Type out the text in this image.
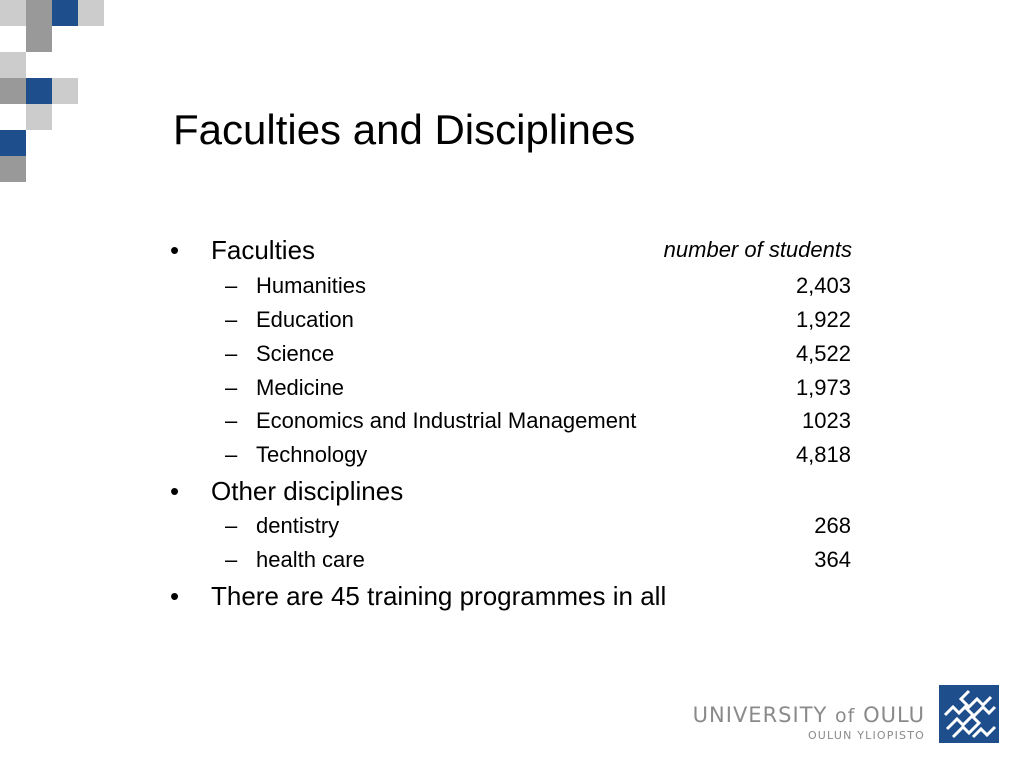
Faculties and Disciplines
• Faculties	number of students
– Humanities	2,403
– Education	1,922
– Science	4,522
– Medicine	1,973
– Economics and Industrial Management	1023
– Technology	4,818
• Other disciplines
– dentistry	268
– health care	364
• There are 45 training programmes in all
UNIVERSITY of OULU
OULUN YLIOPISTO
